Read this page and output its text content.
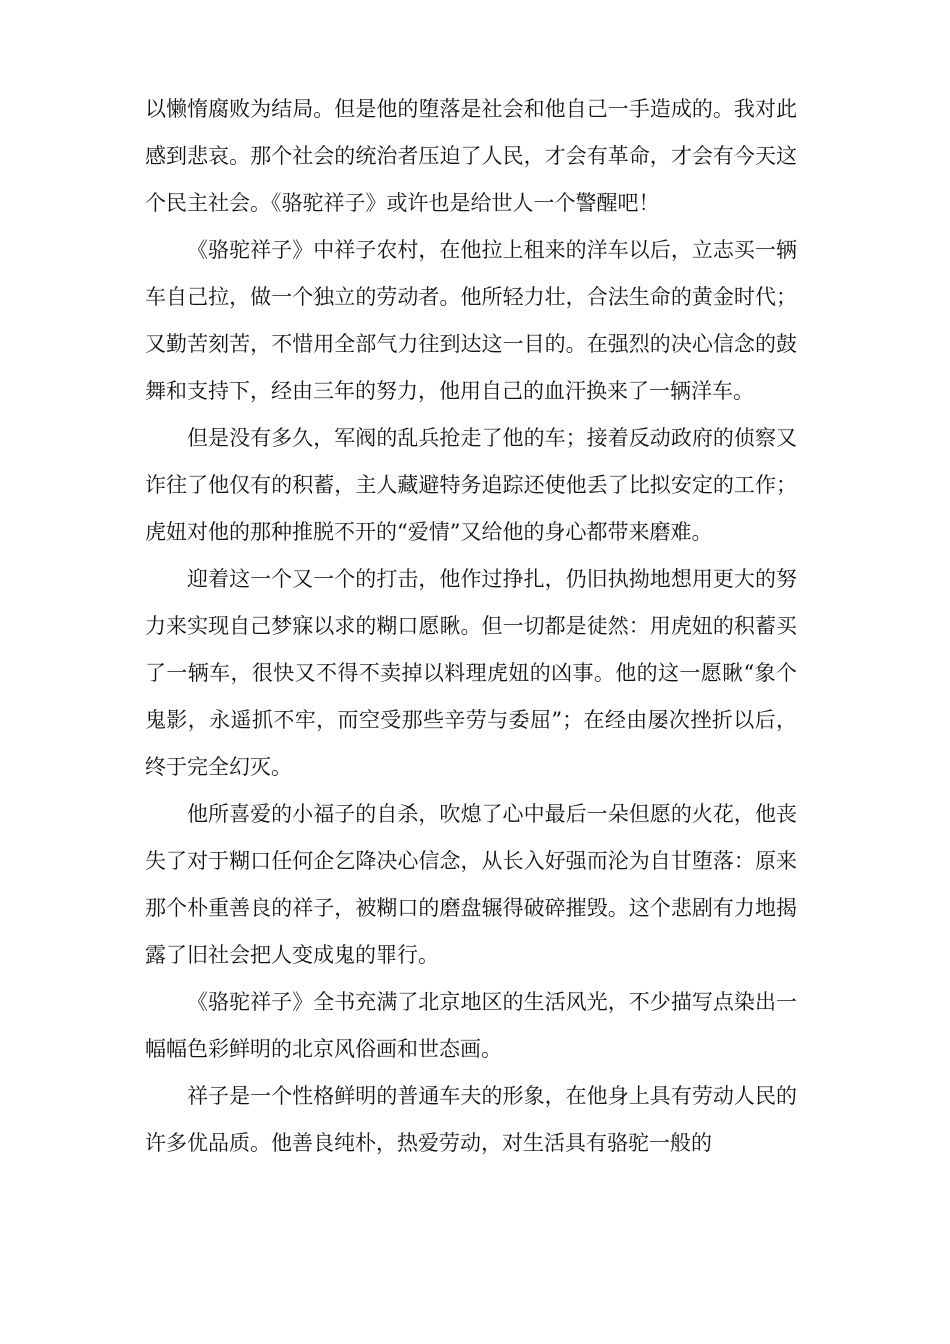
以懒惰腐败为结局。但是他的堕落是社会和他自己一手造成的。我对此感到悲哀。那个社会的统治者压迫了人民，才会有革命，才会有今天这个民主社会。《骆驼祥子》或许也是给世人一个警醒吧！

《骆驼祥子》中祥子农村，在他拉上租来的洋车以后，立志买一辆车自己拉，做一个独立的劳动者。他所轻力壮，合法生命的黄金时代；又勤苦刻苦，不惜用全部气力往到达这一目的。在强烈的决心信念的鼓舞和支持下，经由三年的努力，他用自己的血汗换来了一辆洋车。

但是没有多久，军阀的乱兵抢走了他的车；接着反动政府的侦察又诈往了他仅有的积蓄，主人藏避特务追踪还使他丢了比拟安定的工作；虎妞对他的那种推脱不开的“爱情”又给他的身心都带来磨难。

迎着这一个又一个的打击，他作过挣扎，仍旧执拗地想用更大的努力来实现自己梦寐以求的糊口愿瞅。但一切都是徒然：用虎妞的积蓄买了一辆车，很快又不得不卖掉以料理虎妞的凶事。他的这一愿瞅“象个鬼影，永遥抓不牢，而空受那些辛劳与委屈”；在经由屡次挫折以后，终于完全幻灭。

他所喜爱的小福子的自杀，吹熄了心中最后一朵但愿的火花，他丧失了对于糊口任何企乞降决心信念，从长入好强而沦为自甘堕落：原来那个朴重善良的祥子，被糊口的磨盘辗得破碎摧毁。这个悲剧有力地揭露了旧社会把人变成鬼的罪行。

《骆驼祥子》全书充满了北京地区的生活风光，不少描写点染出一幅幅色彩鲜明的北京风俗画和世态画。

祥子是一个性格鲜明的普通车夫的形象，在他身上具有劳动人民的许多优品质。他善良纯朴，热爱劳动，对生活具有骆驼一般的
